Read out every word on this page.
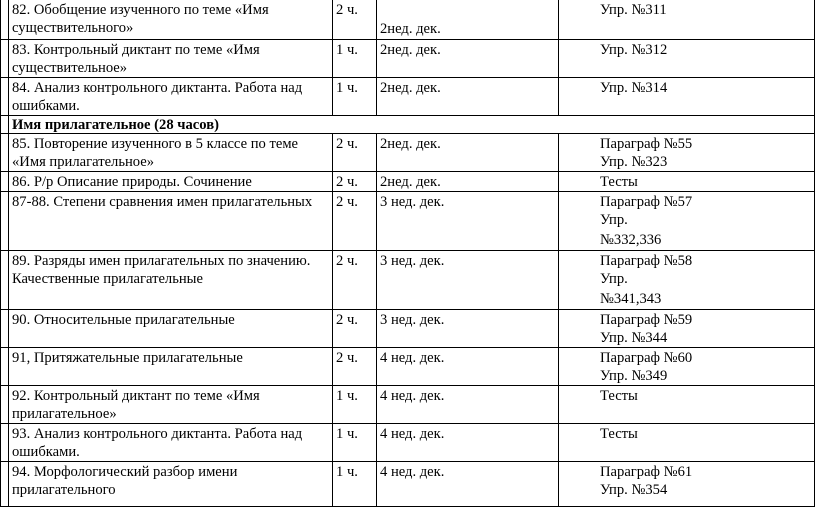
	82. Обобщение изученного по теме «Имя
существительного»	2 ч.	2нед. дек.	Упр. №311

	83. Контрольный диктант по теме «Имя
существительное»	1 ч.	2нед. дек.	Упр. №312

	84. Анализ контрольного диктанта. Работа над
ошибками.	1 ч.	2нед. дек.	Упр. №314

	Имя прилагательное (28 часов)			

	85. Повторение изученного в 5 классе по теме
«Имя прилагательное»	2 ч.	2нед. дек.	Параграф №55
Упр. №323

	86. Р/р Описание природы. Сочинение	2 ч.	2нед. дек.	Тесты

	87-88. Степени сравнения имен прилагательных	2 ч.	3 нед. дек.	Параграф №57
Упр.
№332,336

	89. Разряды имен прилагательных по значению.
Качественные прилагательные	2 ч.	3 нед. дек.	Параграф №58
Упр.
№341,343

	90. Относительные прилагательные	2 ч.	3 нед. дек.	Параграф №59
Упр. №344

	91, Притяжательные прилагательные	2 ч.	4 нед. дек.	Параграф №60
Упр. №349

	92. Контрольный диктант по теме «Имя
прилагательное»	1 ч.	4 нед. дек.	Тесты

	93. Анализ контрольного диктанта. Работа над
ошибками.	1 ч.	4 нед. дек.	Тесты

	94. Морфологический разбор имени
прилагательного	1 ч.	4 нед. дек.	Параграф №61
Упр. №354
